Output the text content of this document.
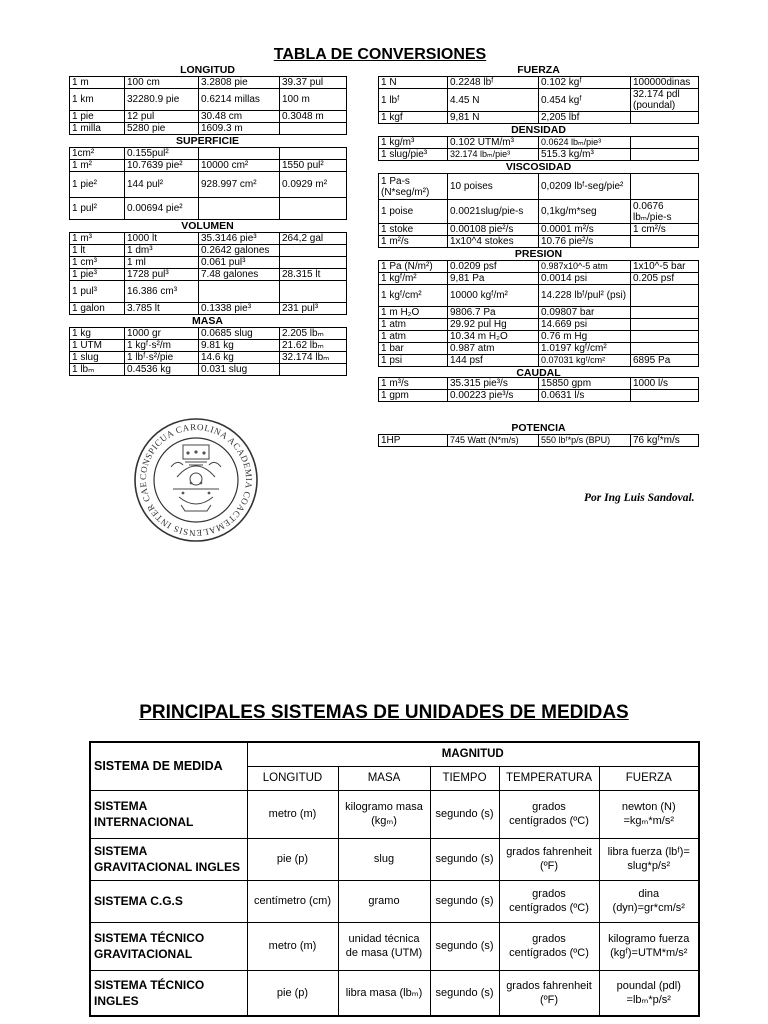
TABLA DE CONVERSIONES
LONGITUD
1 m	100 cm	3.2808 pie	39.37 pul
1 km	32280.9 pie	0.6214 millas	100 m
1 pie	12 pul	30.48 cm	0.3048 m
1 milla	5280 pie	1609.3 m	
SUPERFICIE
1cm²	0.155pul²		
1 m²	10.7639 pie²	10000 cm²	1550 pul²
1 pie²	144 pul²	928.997 cm²	0.0929 m²
1 pul²	0.00694 pie²		
VOLUMEN
1 m³	1000 lt	35.3146 pie³	264,2 gal
1 lt	1 dm³	0.2642 galones	
1 cm³	1 ml	0.061 pul³	
1 pie³	1728 pul³	7.48 galones	28.315 lt
1 pul³	16.386 cm³		
1 galon	3.785 lt	0.1338 pie³	231 pul³
MASA
1 kg	1000 gr	0.0685 slug	2.205 lbₘ
1 UTM	1 kgᶠ·s²/m	9.81 kg	21.62 lbₘ
1 slug	1 lbᶠ·s²/pie	14.6 kg	32.174 lbₘ
1 lbₘ	0.4536 kg	0.031 slug	
FUERZA
1 N	0.2248 lbᶠ	0.102 kgᶠ	100000dinas
1 lbᶠ	4.45 N	0.454 kgᶠ	32.174 pdl (poundal)
1 kgf	9,81 N	2,205 lbf	
DENSIDAD
1 kg/m³	0.102 UTM/m³	0.0624 lbₘ/pie³	
1 slug/pie³	32.174 lbₘ/pie³	515.3 kg/m³	
VISCOSIDAD
1 Pa-s (N*seg/m²)	10 poises	0,0209 lbᶠ-seg/pie²	
1 poise	0.0021slug/pie-s	0,1kg/m*seg	0.0676 lbₘ/pie-s
1 stoke	0.00108 pie²/s	0.0001 m²/s	1 cm²/s
1 m²/s	1x10^4 stokes	10.76 pie²/s	
PRESION
1 Pa (N/m²)	0.0209 psf	0.987x10^-5 atm	1x10^-5 bar
1 kgᶠ/m²	9,81 Pa	0.0014 psi	0.205 psf
1 kgᶠ/cm²	10000 kgᶠ/m²	14.228 lbᶠ/pul² (psi)	
1 m H₂O	9806.7 Pa	0.09807 bar	
1 atm	29.92 pul Hg	14.669 psi	
1 atm	10.34 m H₂O	0.76 m Hg	
1 bar	0.987 atm	1.0197 kgᶠ/cm²	
1 psi	144 psf	0.07031 kgᶠ/cm²	6895 Pa
CAUDAL
1 m³/s	35.315 pie³/s	15850 gpm	1000 l/s
1 gpm	0.00223 pie³/s	0.0631 l/s	
POTENCIA
1HP	745 Watt (N*m/s)	550 lbᶠ*p/s (BPU)	76 kgᶠ*m/s
CONSPICUA CAROLINA ACADEMIA COACTEMALENSIS INTER CAE
Por Ing Luis Sandoval.
PRINCIPALES SISTEMAS DE UNIDADES DE MEDIDAS
SISTEMA DE MEDIDA	MAGNITUD				
	LONGITUD	MASA	TIEMPO	TEMPERATURA	FUERZA
SISTEMA INTERNACIONAL	metro (m)	kilogramo masa (kgₘ)	segundo (s)	grados centígrados (ºC)	newton (N) =kgₘ*m/s²
SISTEMA GRAVITACIONAL INGLES	pie (p)	slug	segundo (s)	grados fahrenheit (ºF)	libra fuerza (lbᶠ)= slug*p/s²
SISTEMA C.G.S	centímetro (cm)	gramo	segundo (s)	grados centígrados (ºC)	dina (dyn)=gr*cm/s²
SISTEMA TÉCNICO GRAVITACIONAL	metro (m)	unidad técnica de masa (UTM)	segundo (s)	grados centígrados (ºC)	kilogramo fuerza (kgᶠ)=UTM*m/s²
SISTEMA TÉCNICO INGLES	pie (p)	libra masa (lbₘ)	segundo (s)	grados fahrenheit (ºF)	poundal (pdl) =lbₘ*p/s²
